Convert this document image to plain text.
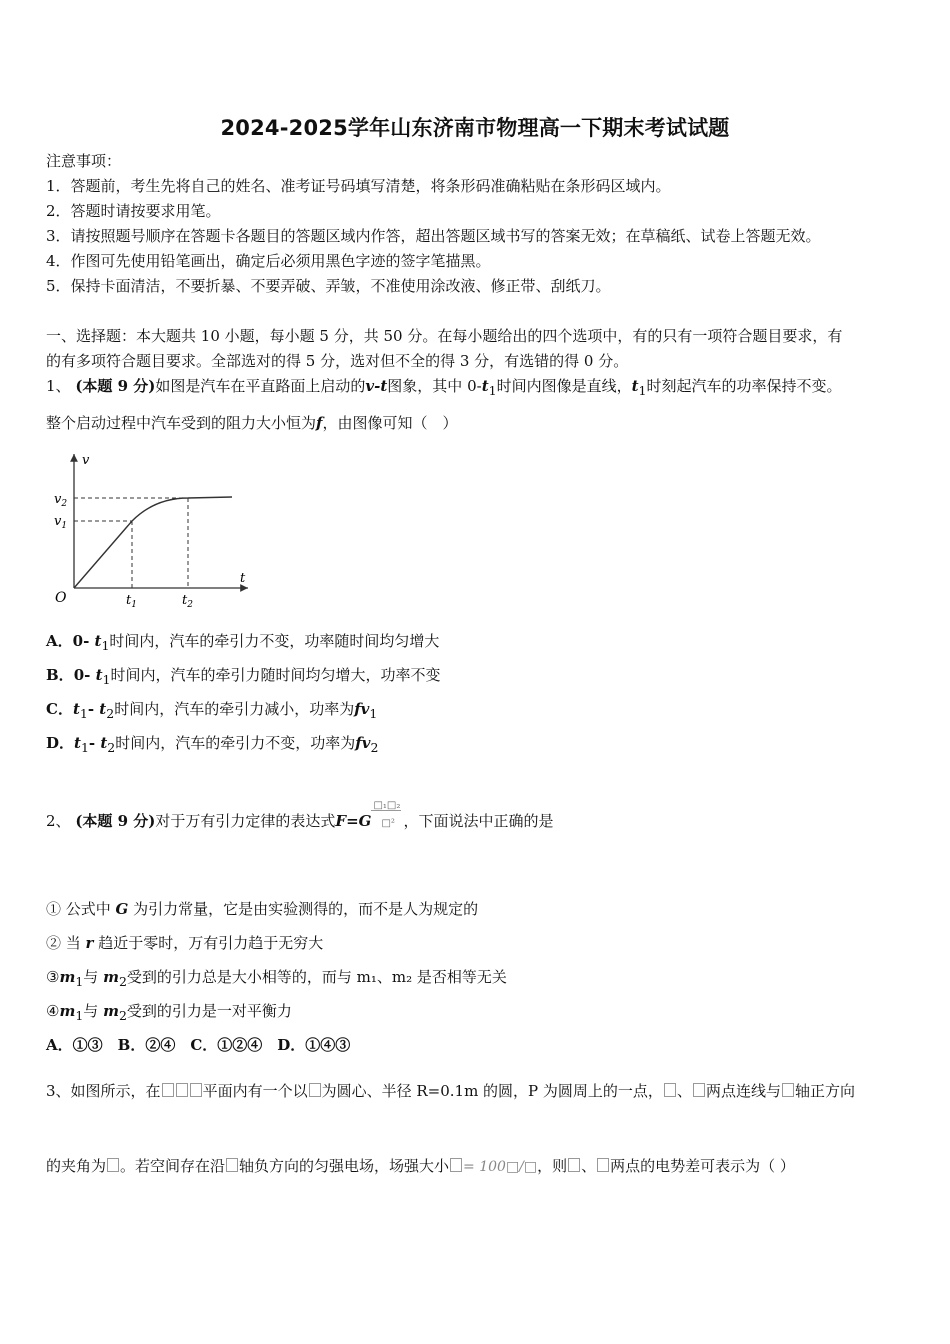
2024-2025学年山东济南市物理高一下期末考试试题
注意事项：
1．答题前，考生先将自己的姓名、准考证号码填写清楚，将条形码准确粘贴在条形码区域内。
2．答题时请按要求用笔。
3．请按照题号顺序在答题卡各题目的答题区域内作答，超出答题区域书写的答案无效；在草稿纸、试卷上答题无效。
4．作图可先使用铅笔画出，确定后必须用黑色字迹的签字笔描黑。
5．保持卡面清洁，不要折暴、不要弄破、弄皱，不准使用涂改液、修正带、刮纸刀。
一、选择题：本大题共 10 小题，每小题 5 分，共 50 分。在每小题给出的四个选项中，有的只有一项符合题目要求，有
的有多项符合题目要求。全部选对的得 5 分，选对但不全的得 3 分，有选错的得 0 分。
1、 (本题 9 分)如图是汽车在平直路面上启动的v-t图象，其中 $0-t_1$时间内图像是直线，$t_1$时刻起汽车的功率保持不变。
整个启动过程中汽车受到的阻力大小恒为f，由图像可知（　）
v
t
O
$v_2$
$v_1$
$t_1$	$t_2$
A．0- $t_1$时间内，汽车的牵引力不变，功率随时间均匀增大
B．0- $t_1$时间内，汽车的牵引力随时间均匀增大，功率不变
C．$t_1-$ $t_2$时间内，汽车的牵引力减小，功率为$fv_1$
D．$t_1-$ $t_2$时间内，汽车的牵引力不变，功率为$fv_2$
2、 (本题 9 分)对于万有引力定律的表达式$F=G \frac{\text{□₁□₂}}{\text{□²}}$ ，下面说法中正确的是
① 公式中 G 为引力常量，它是由实验测得的，而不是人为规定的
② 当 r 趋近于零时，万有引力趋于无穷大
$③m_1$与 $m_2$受到的引力总是大小相等的，而与 m₁、m₂ 是否相等无关
$④m_1$与 $m_2$受到的引力是一对平衡力
A．①③　B．②④　C．①②④　D．①④③
3、如图所示，在	平面内有一个以 为圆心、半径 R=0.1m 的圆，P 为圆周上的一点， 、 两点连线与 轴正方向
的夹角为 。若空间存在沿 轴负方向的匀强电场，场强大小 = 100□/□，则 、 两点的电势差可表示为（ ）
